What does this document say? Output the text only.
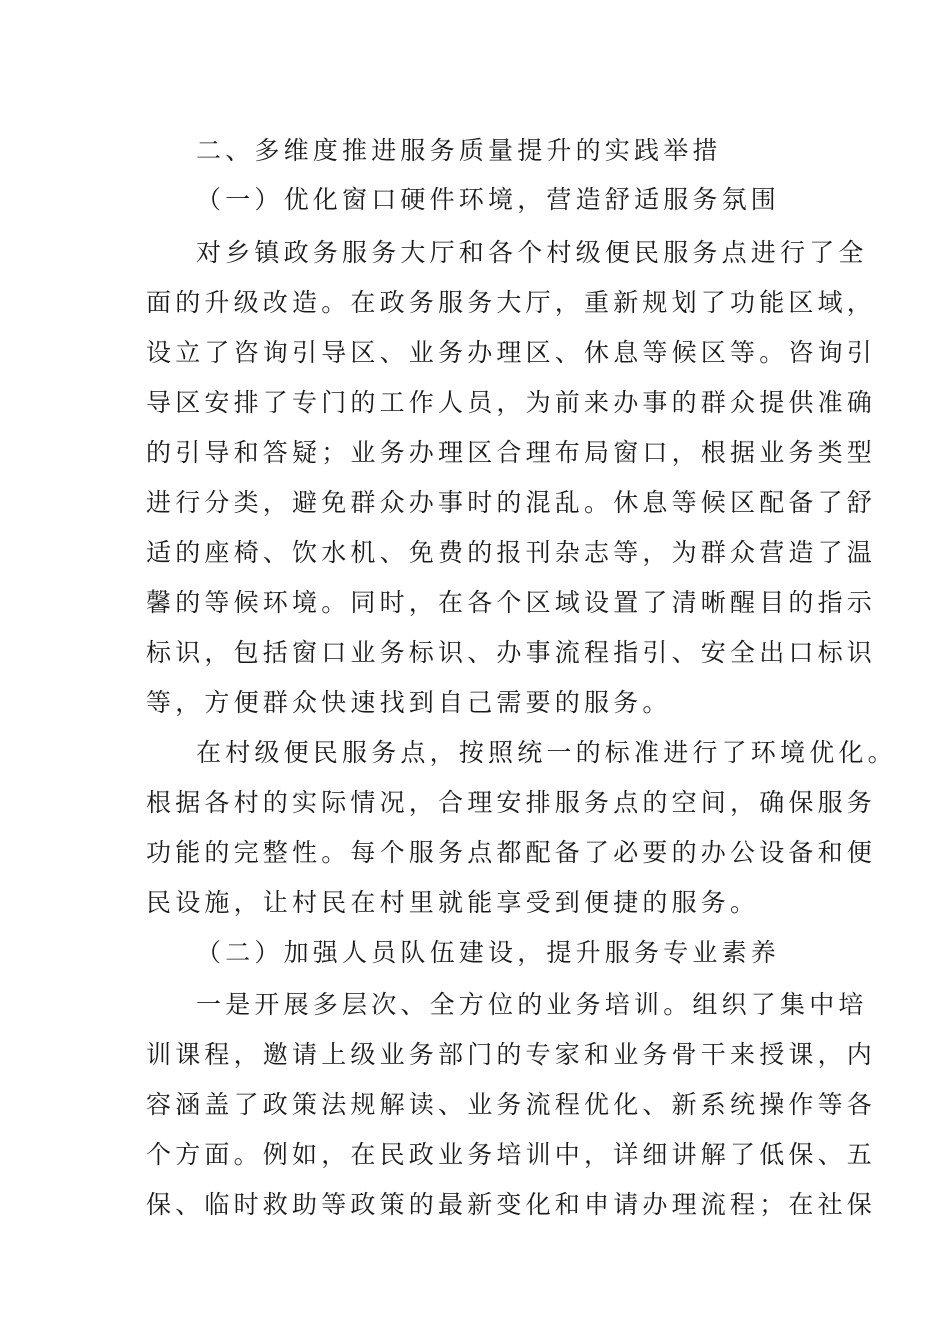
二、多维度推进服务质量提升的实践举措
（一）优化窗口硬件环境，营造舒适服务氛围
对乡镇政务服务大厅和各个村级便民服务点进行了全
面的升级改造。在政务服务大厅，重新规划了功能区域，
设立了咨询引导区、业务办理区、休息等候区等。咨询引
导区安排了专门的工作人员，为前来办事的群众提供准确
的引导和答疑；业务办理区合理布局窗口，根据业务类型
进行分类，避免群众办事时的混乱。休息等候区配备了舒
适的座椅、饮水机、免费的报刊杂志等，为群众营造了温
馨的等候环境。同时，在各个区域设置了清晰醒目的指示
标识，包括窗口业务标识、办事流程指引、安全出口标识
等，方便群众快速找到自己需要的服务。
在村级便民服务点，按照统一的标准进行了环境优化。
根据各村的实际情况，合理安排服务点的空间，确保服务
功能的完整性。每个服务点都配备了必要的办公设备和便
民设施，让村民在村里就能享受到便捷的服务。
（二）加强人员队伍建设，提升服务专业素养
一是开展多层次、全方位的业务培训。组织了集中培
训课程，邀请上级业务部门的专家和业务骨干来授课，内
容涵盖了政策法规解读、业务流程优化、新系统操作等各
个方面。例如，在民政业务培训中，详细讲解了低保、五
保、临时救助等政策的最新变化和申请办理流程；在社保
